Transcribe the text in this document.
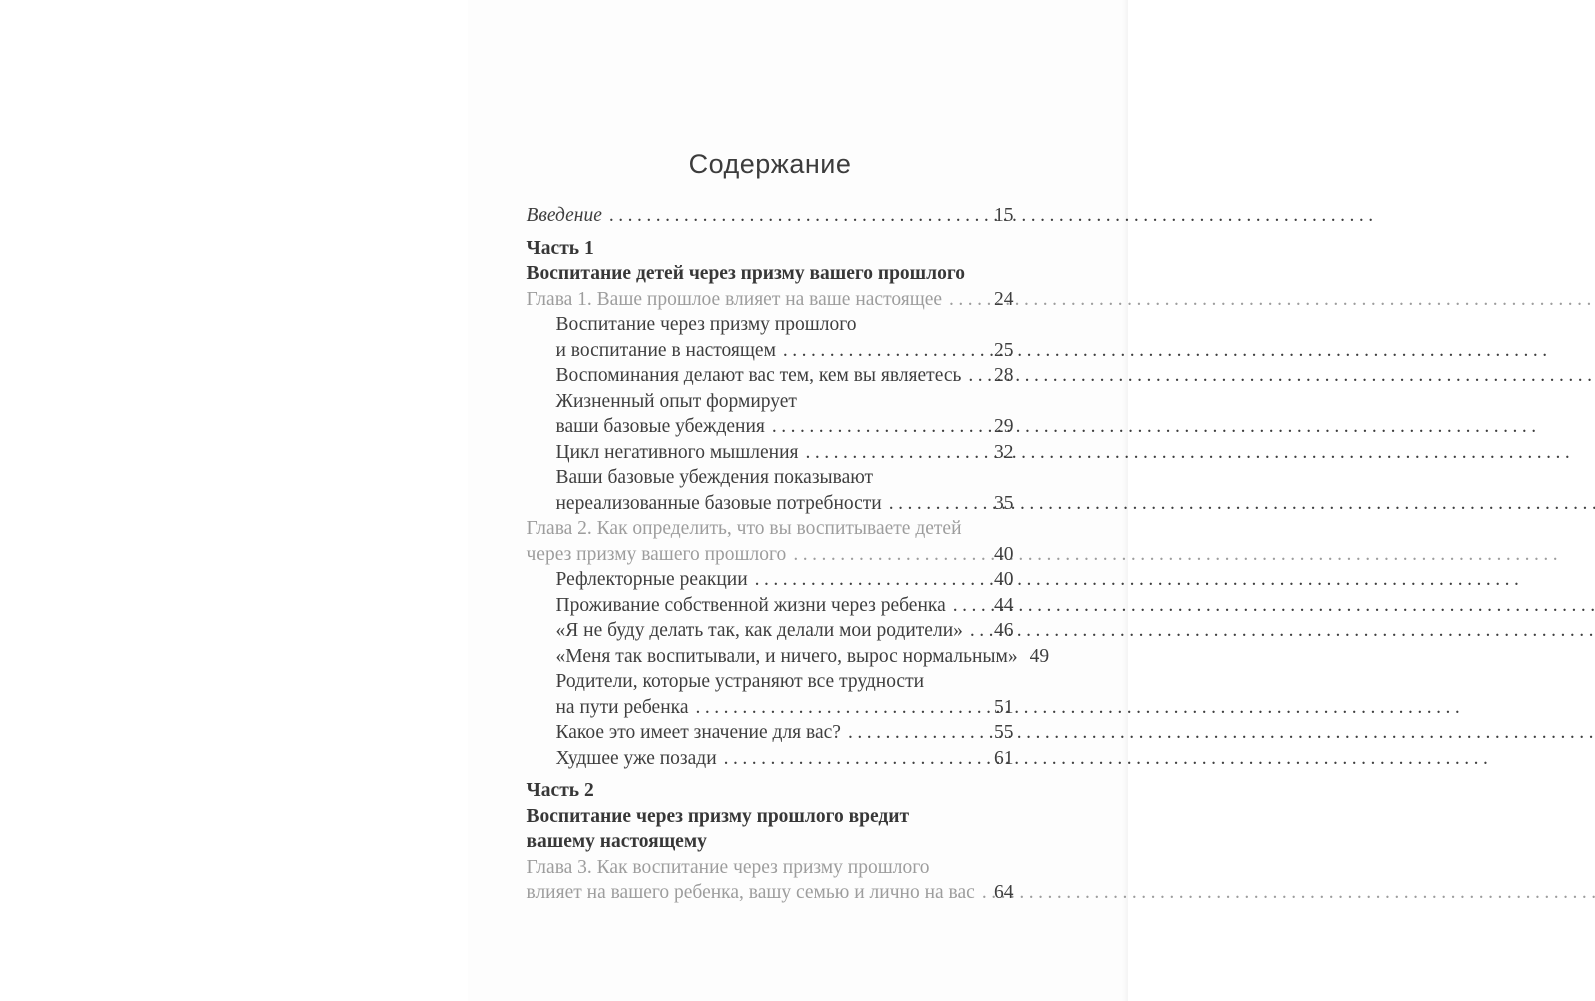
Содержание
Введение .....	15
Часть 1
Воспитание детей через призму вашего прошлого
Глава 1. Ваше прошлое влияет на ваше настоящее .....	24
Воспитание через призму прошлого
и воспитание в настоящем .....	25
Воспоминания делают вас тем, кем вы являетесь ..... 28
Жизненный опыт формирует
ваши базовые убеждения .....	29
Цикл негативного мышления .....	32
Ваши базовые убеждения показывают
нереализованные базовые потребности .....	35
Глава 2. Как определить, что вы воспитываете детей
через призму вашего прошлого .....	40
Рефлекторные реакции .....	40
Проживание собственной жизни через ребенка ..... 44
«Я не буду делать так, как делали мои родители» ..... 46
«Меня так воспитывали, и ничего, вырос нормальным» 49
Родители, которые устраняют все трудности
на пути ребенка .....	51
Какое это имеет значение для вас? .....	55
Худшее уже позади .....	61
Часть 2
Воспитание через призму прошлого вредит
вашему настоящему
Глава 3. Как воспитание через призму прошлого
влияет на вашего ребенка, вашу семью и лично на вас ..... 64
